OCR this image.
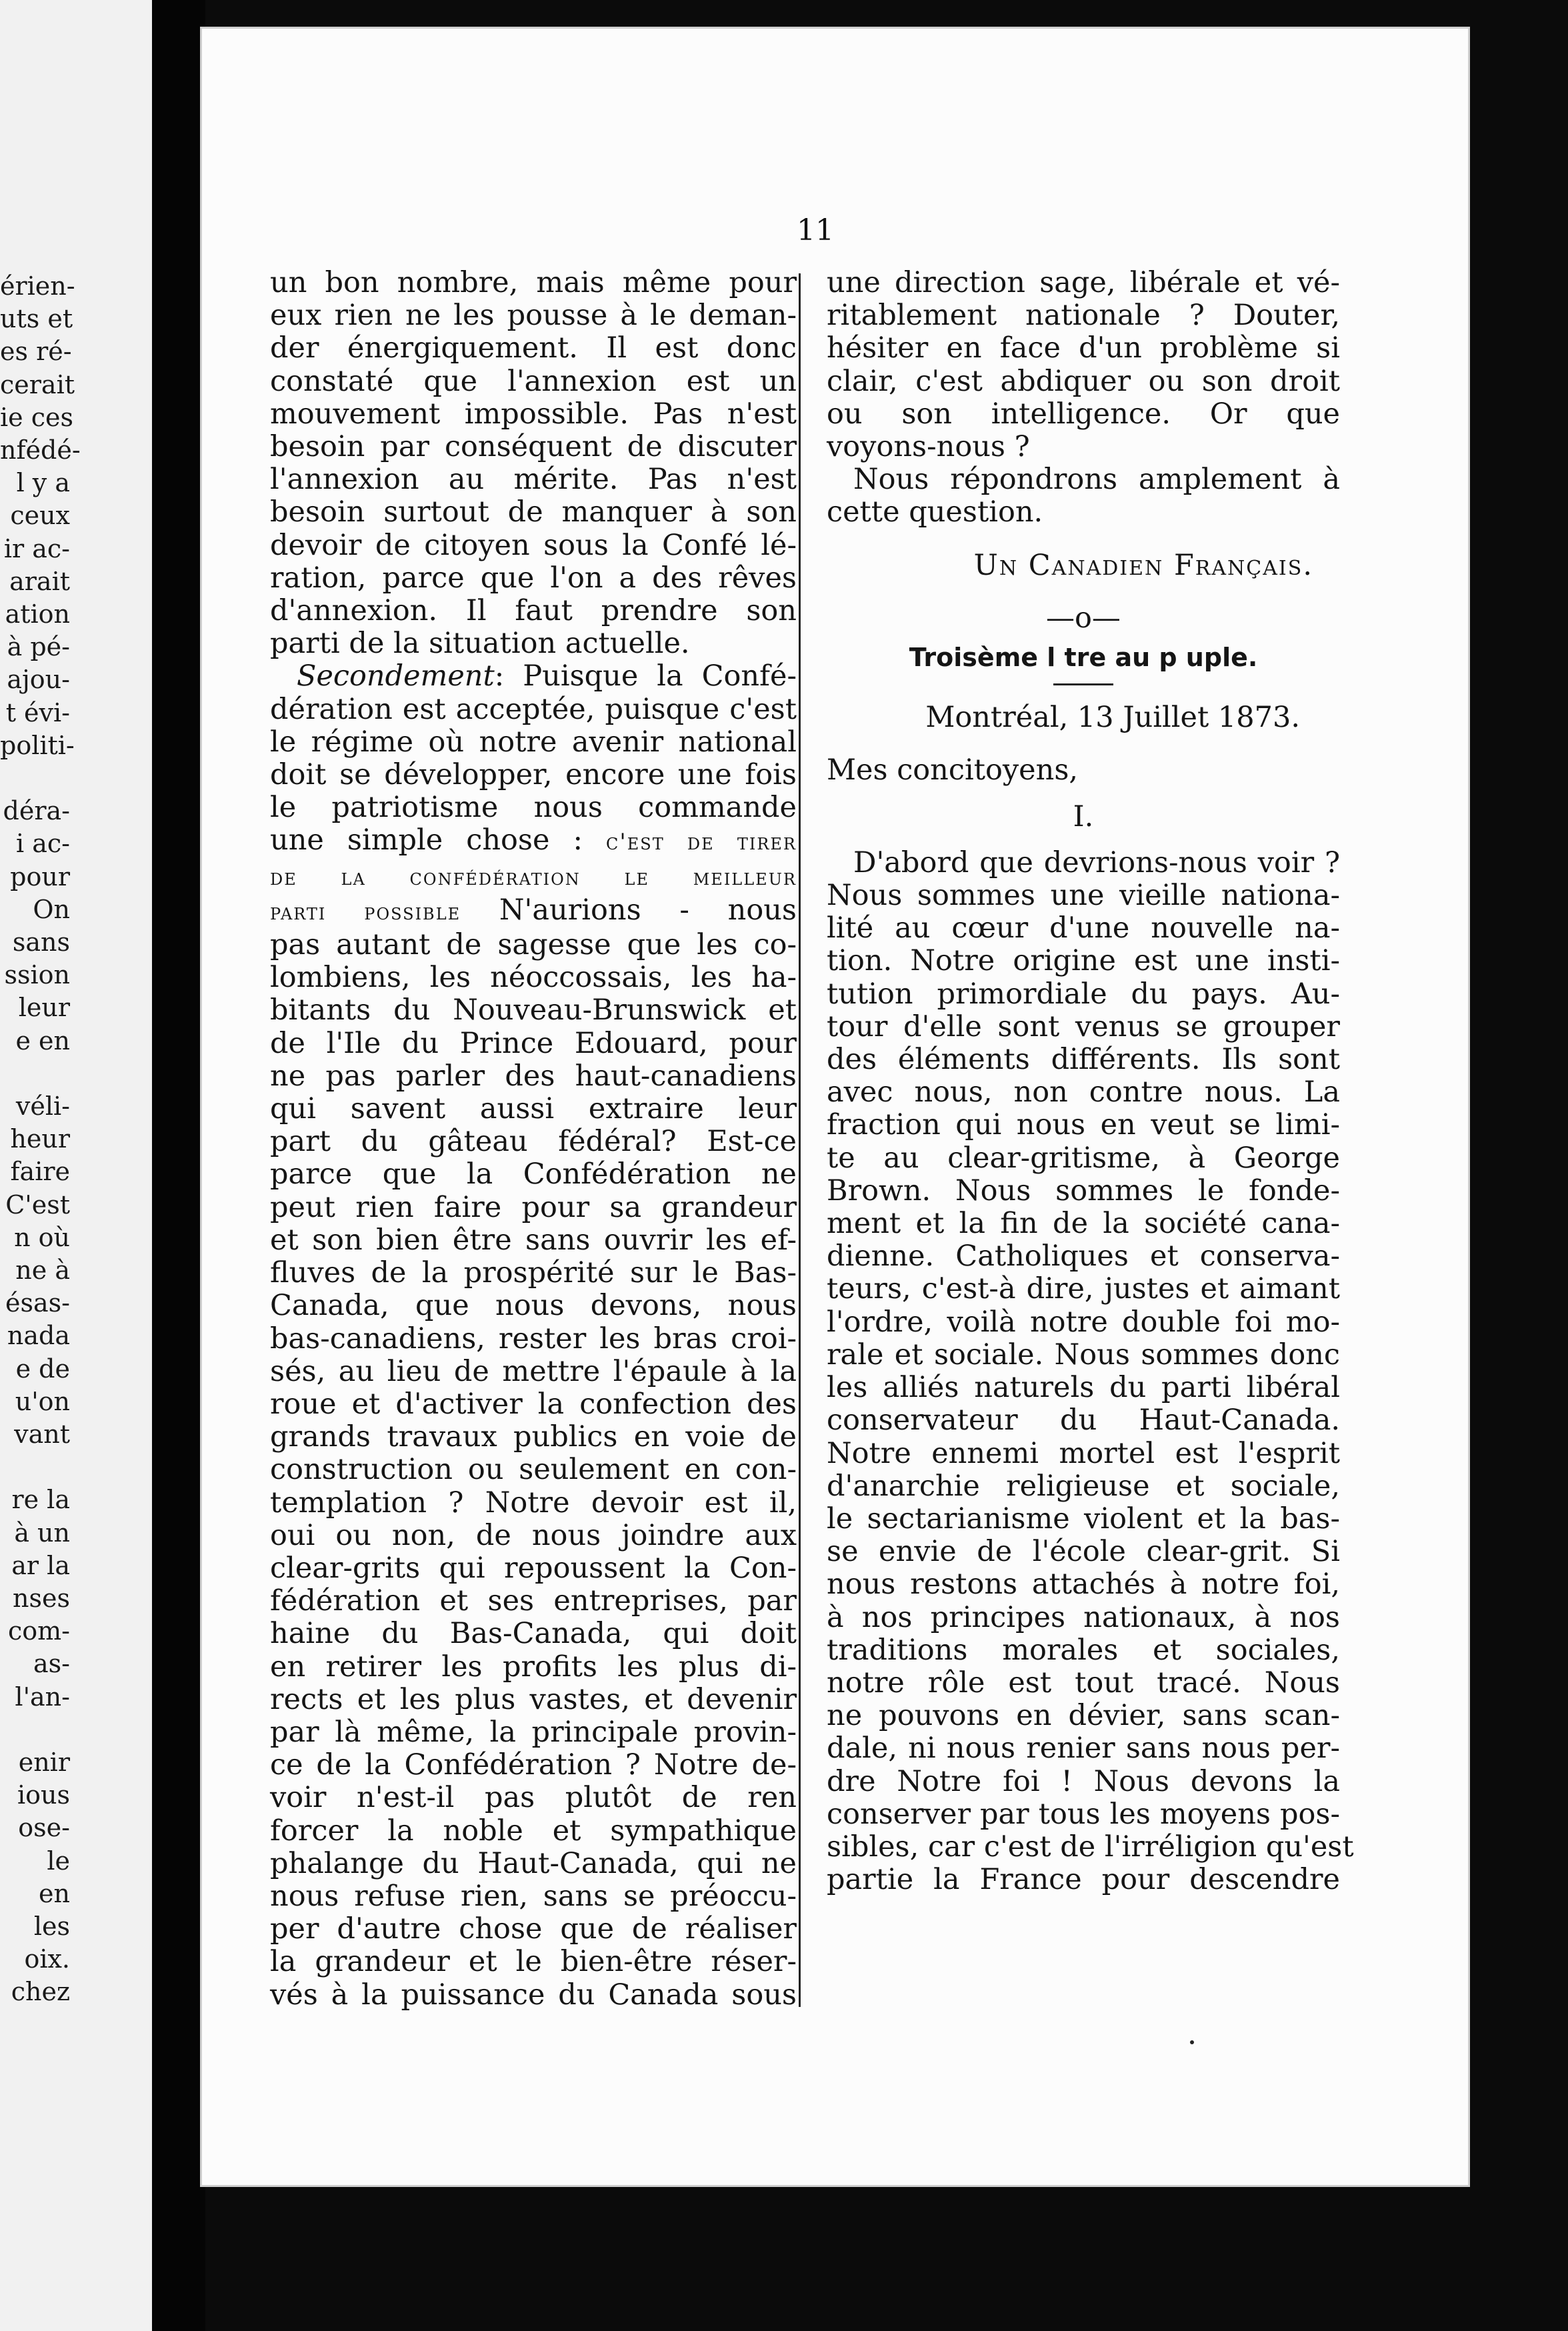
érien-
uts et
es ré-
cerait
ie ces
nfédé-
l y a
ceux
ir ac-
arait
ation
à pé-
ajou-
t évi-
politi-
déra-
i ac-
pour
On
sans
ssion
leur
e en
véli-
heur
faire
C'est
n où
ne à
ésas-
nada
e de
u'on
vant
re la
à un
ar la
nses
com-
as-
l'an-
enir
ious
ose-
le
en
les
oix.
chez
11
un bon nombre, mais même pour
eux rien ne les pousse à le deman-
der énergiquement. Il est donc
constaté que l'annexion est un
mouvement impossible. Pas n'est
besoin par conséquent de discuter
l'annexion au mérite. Pas n'est
besoin surtout de manquer à son
devoir de citoyen sous la Confé lé-
ration, parce que l'on a des rêves
d'annexion. Il faut prendre son
parti de la situation actuelle.
Secondement: Puisque la Confé-
dération est acceptée, puisque c'est
le régime où notre avenir national
doit se développer, encore une fois
le patriotisme nous commande
une simple chose : c'est de tirer
de la confédération le meilleur
parti possible N'aurions - nous
pas autant de sagesse que les co-
lombiens, les néoccossais, les ha-
bitants du Nouveau-Brunswick et
de l'Ile du Prince Edouard, pour
ne pas parler des haut-canadiens
qui savent aussi extraire leur
part du gâteau fédéral? Est-ce
parce que la Confédération ne
peut rien faire pour sa grandeur
et son bien être sans ouvrir les ef-
fluves de la prospérité sur le Bas-
Canada, que nous devons, nous
bas-canadiens, rester les bras croi-
sés, au lieu de mettre l'épaule à la
roue et d'activer la confection des
grands travaux publics en voie de
construction ou seulement en con-
templation ? Notre devoir est il,
oui ou non, de nous joindre aux
clear-grits qui repoussent la Con-
fédération et ses entreprises, par
haine du Bas-Canada, qui doit
en retirer les profits les plus di-
rects et les plus vastes, et devenir
par là même, la principale provin-
ce de la Confédération ? Notre de-
voir n'est-il pas plutôt de ren
forcer la noble et sympathique
phalange du Haut-Canada, qui ne
nous refuse rien, sans se préoccu-
per d'autre chose que de réaliser
la grandeur et le bien-être réser-
vés à la puissance du Canada sous
une direction sage, libérale et vé-
ritablement nationale ? Douter,
hésiter en face d'un problème si
clair, c'est abdiquer ou son droit
ou son intelligence. Or que
voyons-nous ?
Nous répondrons amplement à
cette question.
Un Canadien Français.
—o—
Troisème l tre au p uple.
Montréal, 13 Juillet 1873.
Mes concitoyens,
I.
D'abord que devrions-nous voir ?
Nous sommes une vieille nationa-
lité au cœur d'une nouvelle na-
tion. Notre origine est une insti-
tution primordiale du pays. Au-
tour d'elle sont venus se grouper
des éléments différents. Ils sont
avec nous, non contre nous. La
fraction qui nous en veut se limi-
te au clear-gritisme, à George
Brown. Nous sommes le fonde-
ment et la fin de la société cana-
dienne. Catholiques et conserva-
teurs, c'est-à dire, justes et aimant
l'ordre, voilà notre double foi mo-
rale et sociale. Nous sommes donc
les alliés naturels du parti libéral
conservateur du Haut-Canada.
Notre ennemi mortel est l'esprit
d'anarchie religieuse et sociale,
le sectarianisme violent et la bas-
se envie de l'école clear-grit. Si
nous restons attachés à notre foi,
à nos principes nationaux, à nos
traditions morales et sociales,
notre rôle est tout tracé. Nous
ne pouvons en dévier, sans scan-
dale, ni nous renier sans nous per-
dre Notre foi ! Nous devons la
conserver par tous les moyens pos-
sibles, car c'est de l'irréligion qu'est
partie la France pour descendre
